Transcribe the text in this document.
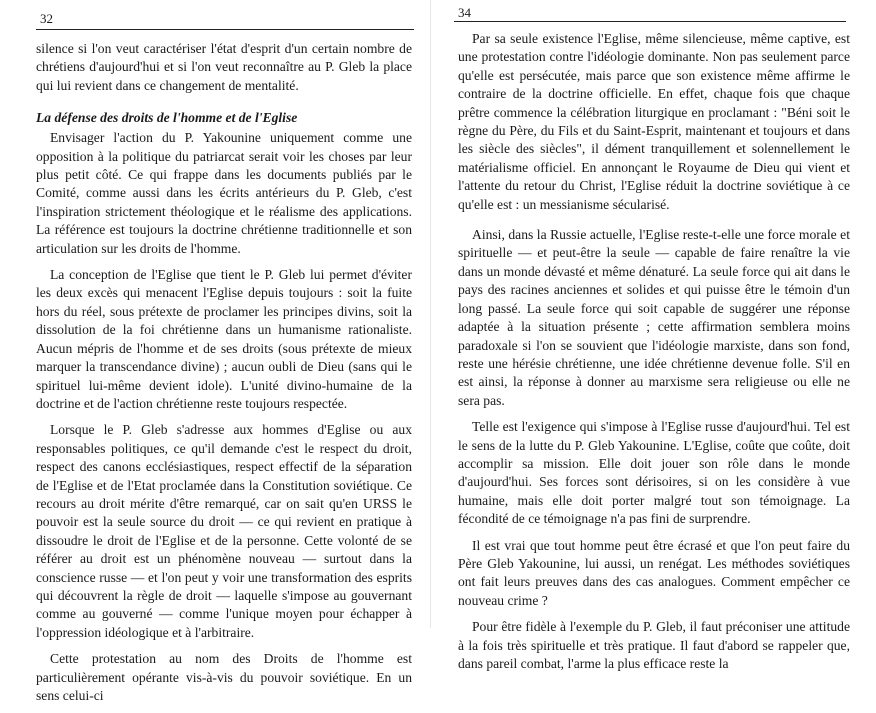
32

silence si l'on veut caractériser l'état d'esprit d'un certain nombre de chrétiens d'aujourd'hui et si l'on veut reconnaître au P. Gleb la place qui lui revient dans ce changement de mentalité.

La défense des droits de l'homme et de l'Eglise

Envisager l'action du P. Yakounine uniquement comme une opposition à la politique du patriarcat serait voir les choses par leur plus petit côté. Ce qui frappe dans les documents publiés par le Comité, comme aussi dans les écrits antérieurs du P. Gleb, c'est l'inspiration strictement théologique et le réalisme des applications. La référence est toujours la doctrine chrétienne traditionnelle et son articulation sur les droits de l'homme.

La conception de l'Eglise que tient le P. Gleb lui permet d'éviter les deux excès qui menacent l'Eglise depuis toujours : soit la fuite hors du réel, sous prétexte de proclamer les principes divins, soit la dissolution de la foi chrétienne dans un humanisme rationaliste. Aucun mépris de l'homme et de ses droits (sous prétexte de mieux marquer la transcendance divine) ; aucun oubli de Dieu (sans qui le spirituel lui-même devient idole). L'unité divino-humaine de la doctrine et de l'action chrétienne reste toujours respectée.

Lorsque le P. Gleb s'adresse aux hommes d'Eglise ou aux responsables politiques, ce qu'il demande c'est le respect du droit, respect des canons ecclésiastiques, respect effectif de la séparation de l'Eglise et de l'Etat proclamée dans la Constitution soviétique. Ce recours au droit mérite d'être remarqué, car on sait qu'en URSS le pouvoir est la seule source du droit — ce qui revient en pratique à dissoudre le droit de l'Eglise et de la personne. Cette volonté de se référer au droit est un phénomène nouveau — surtout dans la conscience russe — et l'on peut y voir une transformation des esprits qui découvrent la règle de droit — laquelle s'impose au gouvernant comme au gouverné — comme l'unique moyen pour échapper à l'oppression idéologique et à l'arbitraire.

Cette protestation au nom des Droits de l'homme est particulièrement opérante vis-à-vis du pouvoir soviétique. En un sens celui-ci

34

Par sa seule existence l'Eglise, même silencieuse, même captive, est une protestation contre l'idéologie dominante. Non pas seulement parce qu'elle est persécutée, mais parce que son existence même affirme le contraire de la doctrine officielle. En effet, chaque fois que chaque prêtre commence la célébration liturgique en proclamant : "Béni soit le règne du Père, du Fils et du Saint-Esprit, maintenant et toujours et dans les siècle des siècles", il dément tranquillement et solennellement le matérialisme officiel. En annonçant le Royaume de Dieu qui vient et l'attente du retour du Christ, l'Eglise réduit la doctrine soviétique à ce qu'elle est : un messianisme sécularisé.

Ainsi, dans la Russie actuelle, l'Eglise reste-t-elle une force morale et spirituelle — et peut-être la seule — capable de faire renaître la vie dans un monde dévasté et même dénaturé. La seule force qui ait dans le pays des racines anciennes et solides et qui puisse être le témoin d'un long passé. La seule force qui soit capable de suggérer une réponse adaptée à la situation présente ; cette affirmation semblera moins paradoxale si l'on se souvient que l'idéologie marxiste, dans son fond, reste une hérésie chrétienne, une idée chrétienne devenue folle. S'il en est ainsi, la réponse à donner au marxisme sera religieuse ou elle ne sera pas.

Telle est l'exigence qui s'impose à l'Eglise russe d'aujourd'hui. Tel est le sens de la lutte du P. Gleb Yakounine. L'Eglise, coûte que coûte, doit accomplir sa mission. Elle doit jouer son rôle dans le monde d'aujourd'hui. Ses forces sont dérisoires, si on les considère à vue humaine, mais elle doit porter malgré tout son témoignage. La fécondité de ce témoignage n'a pas fini de surprendre.

Il est vrai que tout homme peut être écrasé et que l'on peut faire du Père Gleb Yakounine, lui aussi, un renégat. Les méthodes soviétiques ont fait leurs preuves dans des cas analogues. Comment empêcher ce nouveau crime ?

Pour être fidèle à l'exemple du P. Gleb, il faut préconiser une attitude à la fois très spirituelle et très pratique. Il faut d'abord se rappeler que, dans pareil combat, l'arme la plus efficace reste la
